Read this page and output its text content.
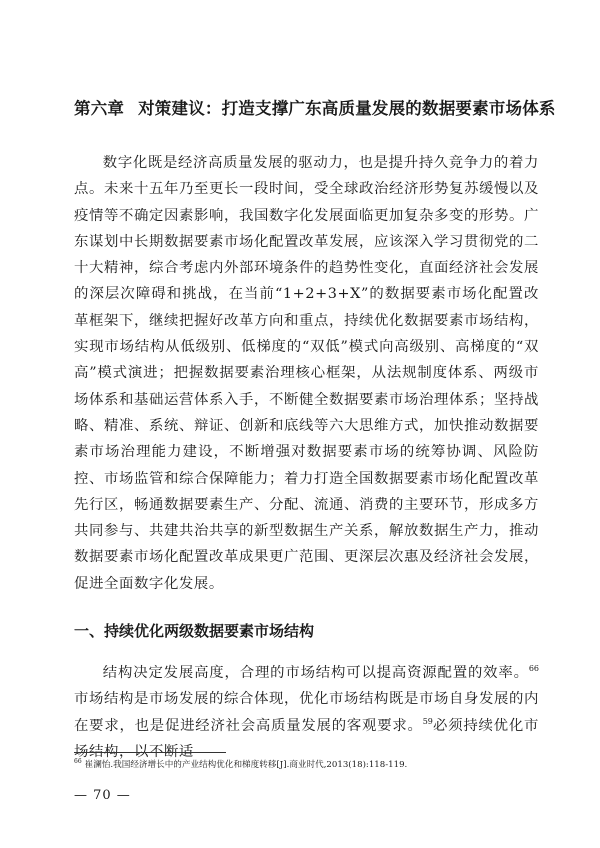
第六章 对策建议：打造支撑广东高质量发展的数据要素市场体系

数字化既是经济高质量发展的驱动力，也是提升持久竞争力的着力点。未来十五年乃至更长一段时间，受全球政治经济形势复苏缓慢以及疫情等不确定因素影响，我国数字化发展面临更加复杂多变的形势。广东谋划中长期数据要素市场化配置改革发展，应该深入学习贯彻党的二十大精神，综合考虑内外部环境条件的趋势性变化，直面经济社会发展的深层次障碍和挑战，在当前“1+2+3+X”的数据要素市场化配置改革框架下，继续把握好改革方向和重点，持续优化数据要素市场结构，实现市场结构从低级别、低梯度的“双低”模式向高级别、高梯度的“双高”模式演进；把握数据要素治理核心框架，从法规制度体系、两级市场体系和基础运营体系入手，不断健全数据要素市场治理体系；坚持战略、精准、系统、辩证、创新和底线等六大思维方式，加快推动数据要素市场治理能力建设，不断增强对数据要素市场的统筹协调、风险防控、市场监管和综合保障能力；着力打造全国数据要素市场化配置改革先行区，畅通数据要素生产、分配、流通、消费的主要环节，形成多方共同参与、共建共治共享的新型数据生产关系，解放数据生产力，推动数据要素市场化配置改革成果更广范围、更深层次惠及经济社会发展，促进全面数字化发展。

一、持续优化两级数据要素市场结构

结构决定发展高度，合理的市场结构可以提高资源配置的效率。$^{66}$市场结构是市场发展的综合体现，优化市场结构既是市场自身发展的内在要求，也是促进经济社会高质量发展的客观要求。$^{59}$必须持续优化市场结构，以不断适

$^{66}$ 崔澜怡.我国经济增长中的产业结构优化和梯度转移[J].商业时代,2013(18):118-119.
— 70 —
